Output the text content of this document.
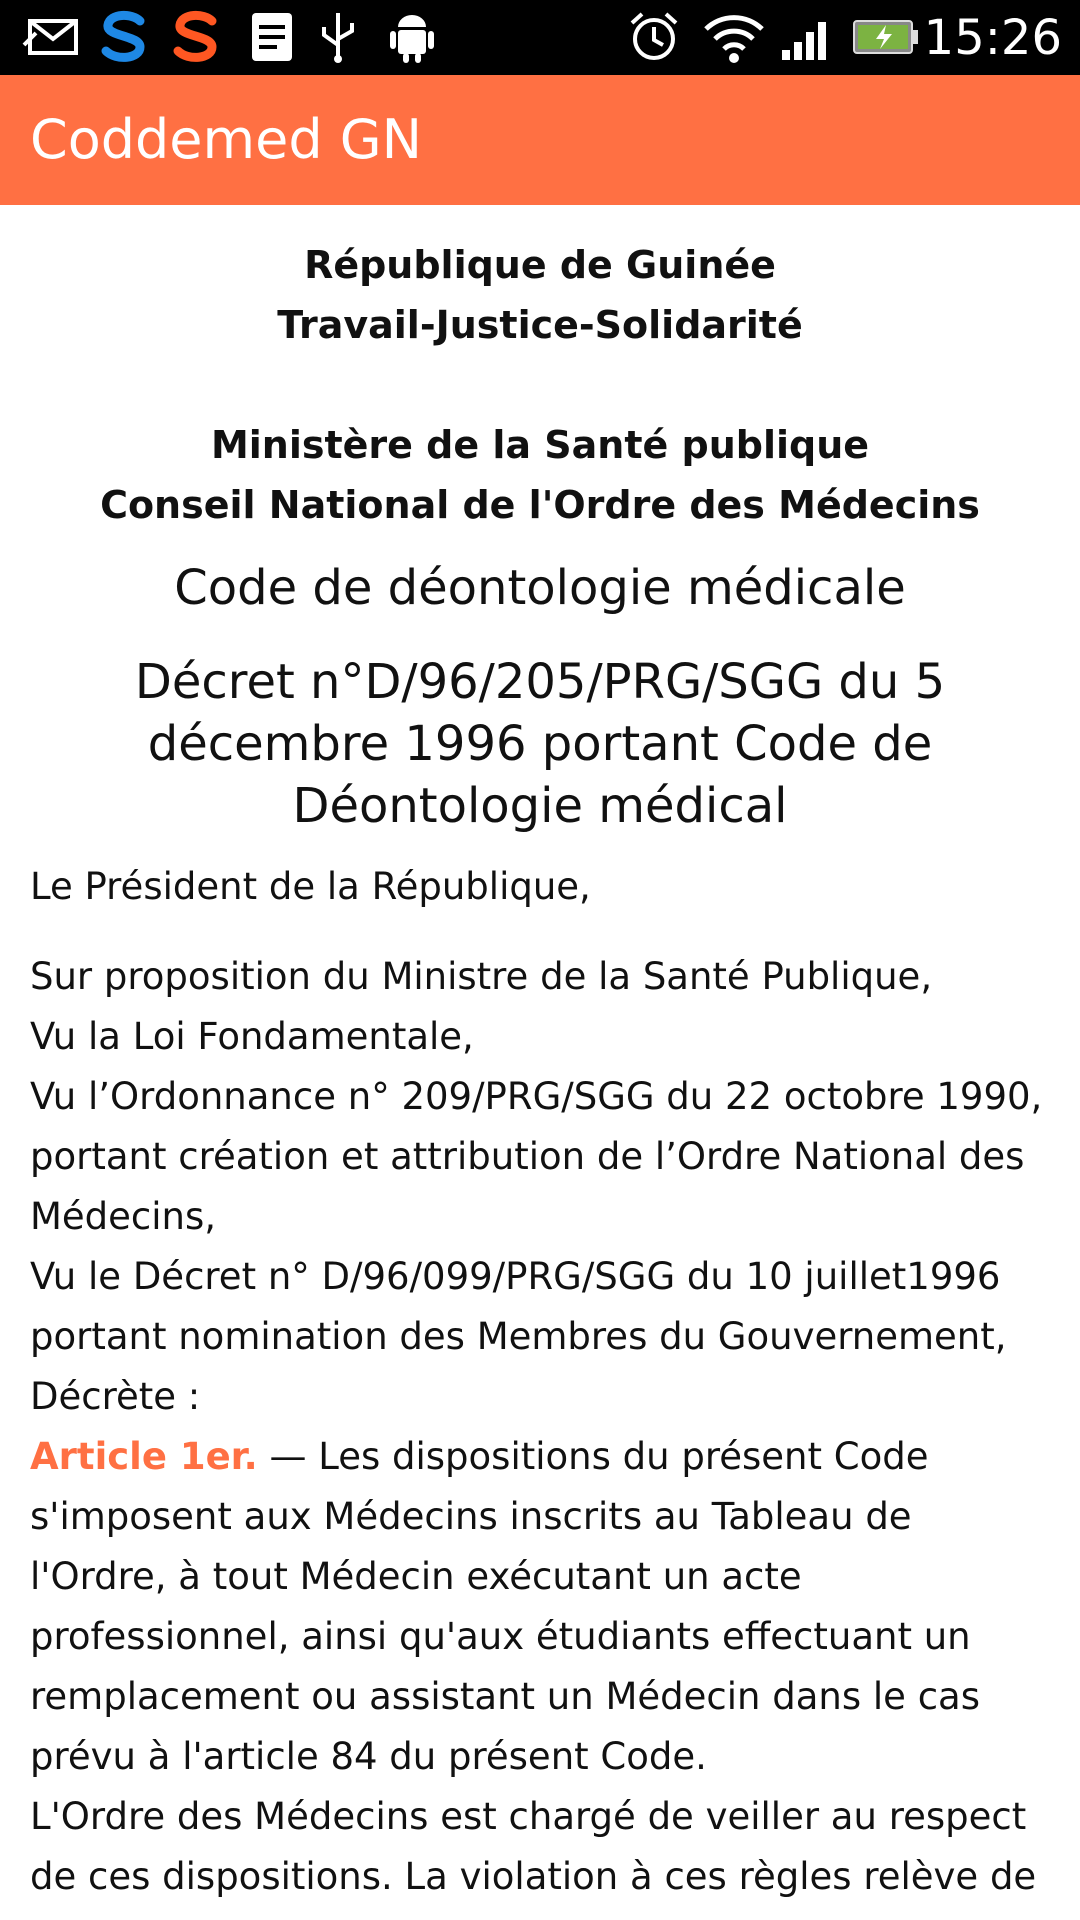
15:26
Coddemed GN
République de Guinée
Travail-Justice-Solidarité
Ministère de la Santé publique
Conseil National de l'Ordre des Médecins
Code de déontologie médicale
Décret n°D/96/205/PRG/SGG du 5 décembre 1996 portant Code de Déontologie médical
Le Président de la République,
Sur proposition du Ministre de la Santé Publique,
Vu la Loi Fondamentale,
Vu l’Ordonnance n° 209/PRG/SGG du 22 octobre 1990, portant création et attribution de l’Ordre National des Médecins,
Vu le Décret n° D/96/099/PRG/SGG du 10 juillet1996 portant nomination des Membres du Gouvernement,
Décrète :
Article 1er. — Les dispositions du présent Code s'imposent aux Médecins inscrits au Tableau de l'Ordre, à tout Médecin exécutant un acte professionnel, ainsi qu'aux étudiants effectuant un remplacement ou assistant un Médecin dans le cas prévu à l'article 84 du présent Code.
L'Ordre des Médecins est chargé de veiller au respect de ces dispositions. La violation à ces règles relève de
